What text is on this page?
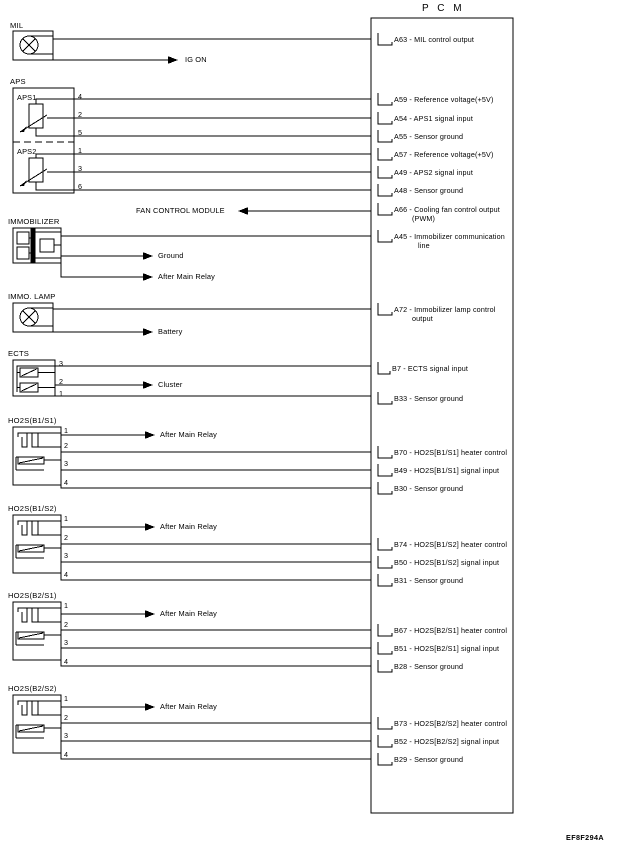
P C M
MIL
APS
APS1
APS2
IMMOBILIZER
IMMO. LAMP
ECTS
HO2S(B1/S1)
HO2S(B1/S2)
HO2S(B2/S1)
HO2S(B2/S2)
4
2
5
1
3
6
3
2
1
1
2
3
4
1
2
3
4
1
2
3
4
1
2
3
4
IG ON
FAN CONTROL MODULE
Ground
After Main Relay
Battery
Cluster
After Main Relay
After Main Relay
After Main Relay
After Main Relay
A63 - MIL control output
A59 - Reference voltage(+5V)
A54 - APS1 signal input
A55 - Sensor ground
A57 - Reference voltage(+5V)
A49 - APS2 signal input
A48 - Sensor ground
A66 - Cooling fan control output
(PWM)
A45 - Immobilizer communication
line
A72 - Immobilizer lamp control
output
B7 - ECTS signal input
B33 - Sensor ground
B70 - HO2S[B1/S1] heater control
B49 - HO2S[B1/S1] signal input
B30 - Sensor ground
B74 - HO2S[B1/S2] heater control
B50 - HO2S[B1/S2] signal input
B31 - Sensor ground
B67 - HO2S[B2/S1] heater control
B51 - HO2S[B2/S1] signal input
B28 - Sensor ground
B73 - HO2S[B2/S2] heater control
B52 - HO2S[B2/S2] signal input
B29 - Sensor ground
EF8F294A
